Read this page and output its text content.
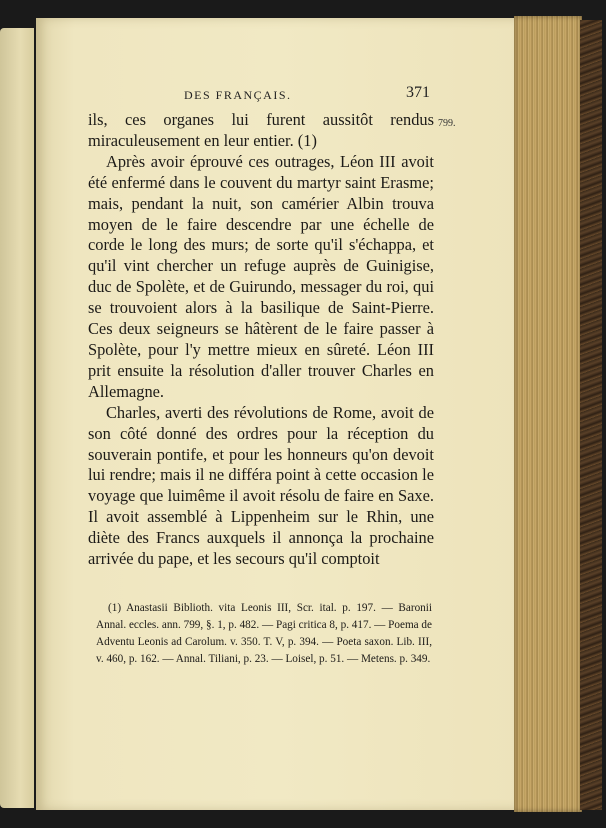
DES FRANÇAIS.	371
799.

ils, ces organes lui furent aussitôt rendus miraculeusement en leur entier. (1)

Après avoir éprouvé ces outrages, Léon III avoit été enfermé dans le couvent du martyr saint Erasme; mais, pendant la nuit, son camérier Albin trouva moyen de le faire descendre par une échelle de corde le long des murs; de sorte qu'il s'échappa, et qu'il vint chercher un refuge auprès de Guinigise, duc de Spolète, et de Guirundo, messager du roi, qui se trouvoient alors à la basilique de Saint-Pierre. Ces deux seigneurs se hâtèrent de le faire passer à Spolète, pour l'y mettre mieux en sûreté. Léon III prit ensuite la résolution d'aller trouver Charles en Allemagne.

Charles, averti des révolutions de Rome, avoit de son côté donné des ordres pour la réception du souverain pontife, et pour les honneurs qu'on devoit lui rendre; mais il ne différa point à cette occasion le voyage que luimême il avoit résolu de faire en Saxe. Il avoit assemblé à Lippenheim sur le Rhin, une diète des Francs auxquels il annonça la prochaine arrivée du pape, et les secours qu'il comptoit

(1) Anastasii Biblioth. vita Leonis III, Scr. ital. p. 197. — Baronii Annal. eccles. ann. 799, §. 1, p. 482. — Pagi critica 8, p. 417. — Poema de Adventu Leonis ad Carolum. v. 350. T. V, p. 394. — Poeta saxon. Lib. III, v. 460, p. 162. — Annal. Tiliani, p. 23. — Loisel, p. 51. — Metens. p. 349.
